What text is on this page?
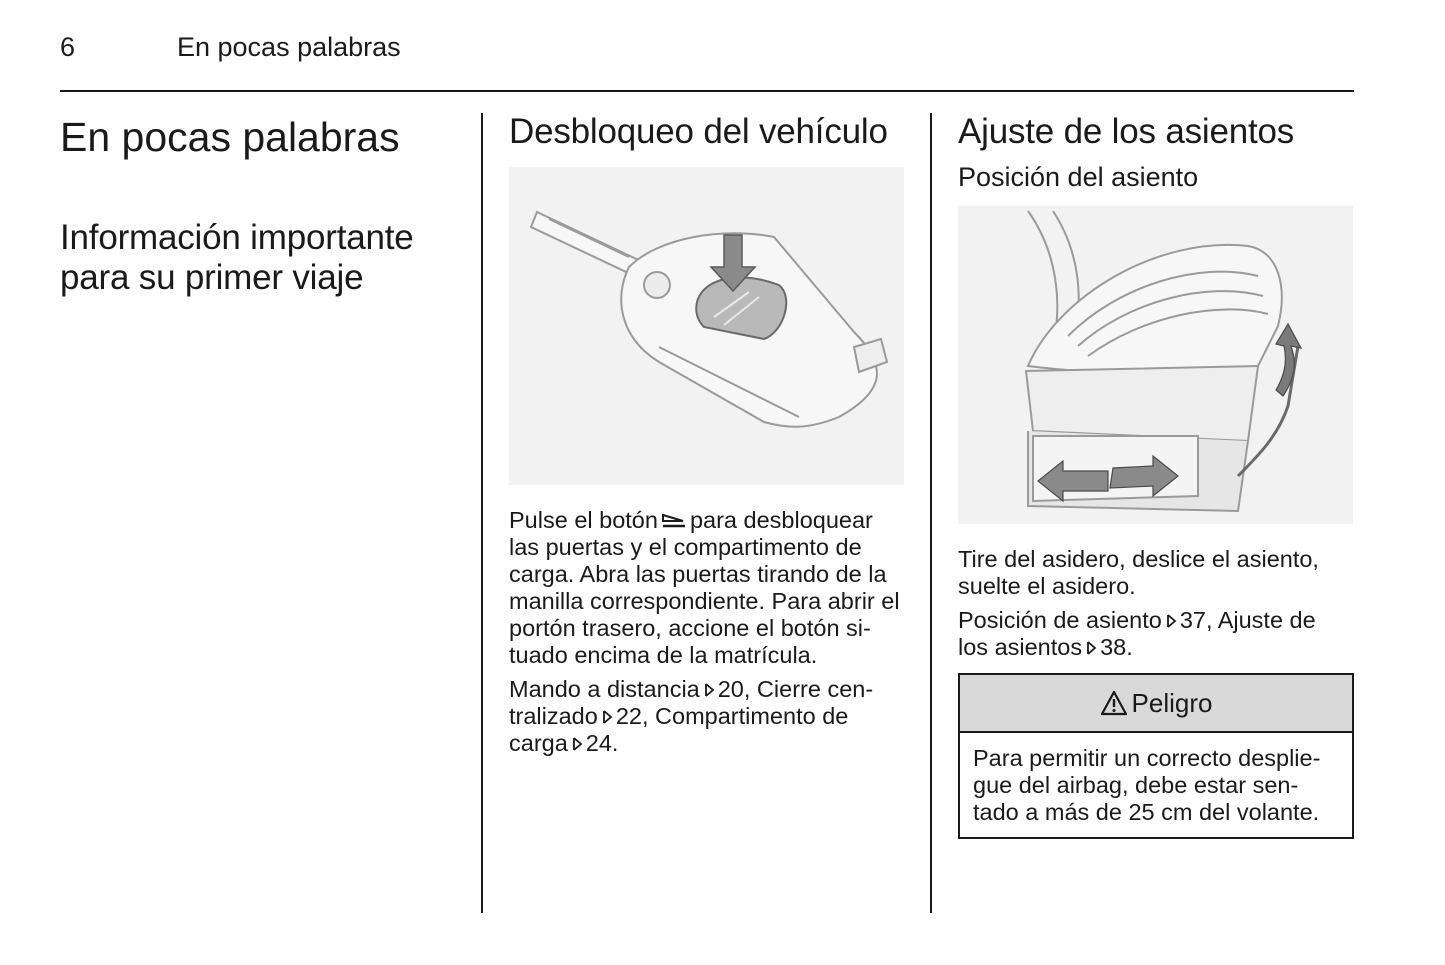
6	En pocas palabras
En pocas palabras
Información importante
para su primer viaje
Desbloqueo del vehículo

Pulse el botón para desbloquear
las puertas y el compartimento de
carga. Abra las puertas tirando de la
manilla correspondiente. Para abrir el
portón trasero, accione el botón si-
tuado encima de la matrícula.

Mando a distancia 20, Cierre cen-
tralizado 22, Compartimento de
carga 24.

Ajuste de los asientos
Posición del asiento

Tire del asidero, deslice el asiento,
suelte el asidero.

Posición de asiento 37, Ajuste de
los asientos 38.

Peligro
Para permitir un correcto desplie-
gue del airbag, debe estar sen-
tado a más de 25 cm del volante.
